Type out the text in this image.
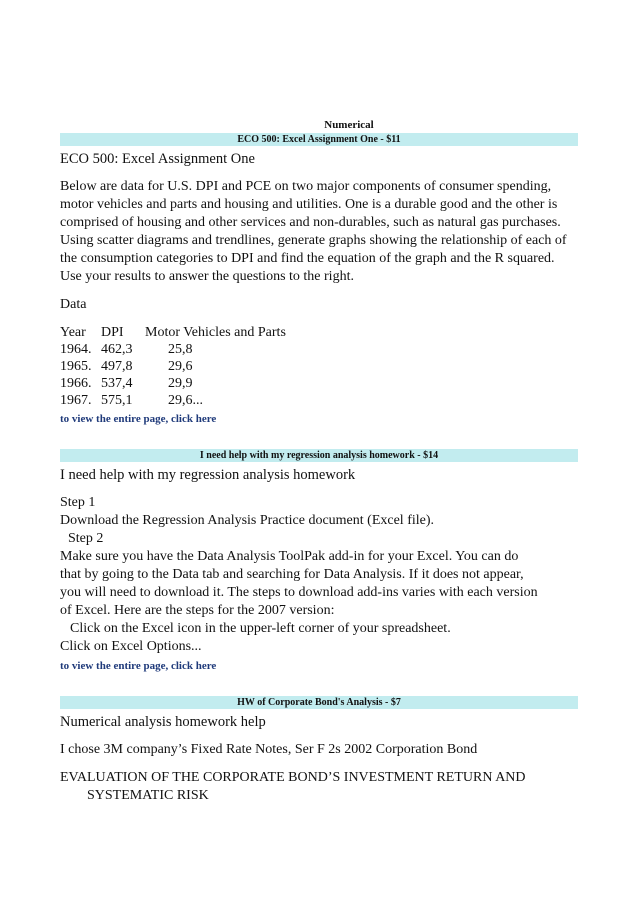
Numerical
ECO 500: Excel Assignment One - $11
ECO 500: Excel Assignment One

Below are data for U.S. DPI and PCE on two major components of consumer spending, motor vehicles and parts and housing and utilities. One is a durable good and the other is comprised of housing and other services and non-durables, such as natural gas purchases. Using scatter diagrams and trendlines, generate graphs showing the relationship of each of the consumption categories to DPI and find the equation of the graph and the R squared. Use your results to answer the questions to the right.

Data

Year	DPI	Motor Vehicles and Parts
1964.	462,3	25,8
1965.	497,8	29,6
1966.	537,4	29,9
1967.	575,1	29,6...
to view the entire page, click here
I need help with my regression analysis homework - $14
I need help with my regression analysis homework
Step 1
Download the Regression Analysis Practice document (Excel file).
Step 2
Make sure you have the Data Analysis ToolPak add-in for your Excel. You can do
that by going to the Data tab and searching for Data Analysis. If it does not appear,
you will need to download it. The steps to download add-ins varies with each version
of Excel. Here are the steps for the 2007 version:
Click on the Excel icon in the upper-left corner of your spreadsheet.
Click on Excel Options...
to view the entire page, click here
HW of Corporate Bond's Analysis - $7
Numerical analysis homework help

I chose 3M company’s Fixed Rate Notes, Ser F 2s 2002 Corporation Bond

EVALUATION OF THE CORPORATE BOND’S INVESTMENT RETURN AND SYSTEMATIC RISK
